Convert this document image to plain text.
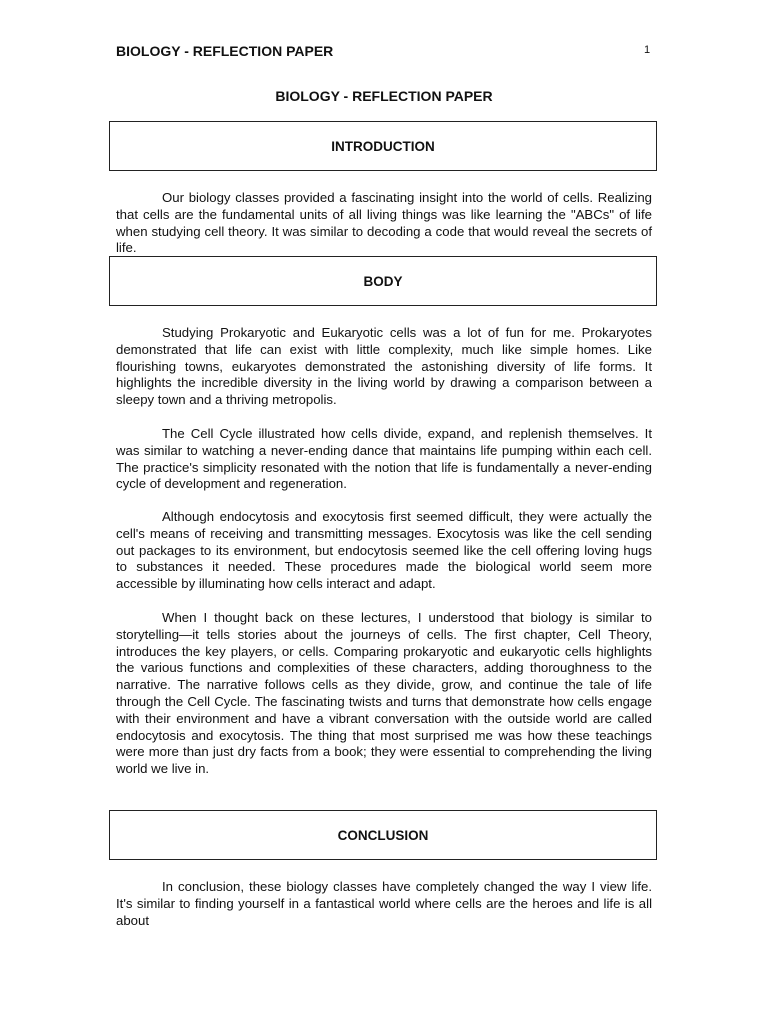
BIOLOGY - REFLECTION PAPER	1
BIOLOGY - REFLECTION PAPER
INTRODUCTION

Our biology classes provided a fascinating insight into the world of cells. Realizing that cells are the fundamental units of all living things was like learning the "ABCs" of life when studying cell theory. It was similar to decoding a code that would reveal the secrets of life.

BODY

Studying Prokaryotic and Eukaryotic cells was a lot of fun for me. Prokaryotes demonstrated that life can exist with little complexity, much like simple homes. Like flourishing towns, eukaryotes demonstrated the astonishing diversity of life forms. It highlights the incredible diversity in the living world by drawing a comparison between a sleepy town and a thriving metropolis.

The Cell Cycle illustrated how cells divide, expand, and replenish themselves. It was similar to watching a never-ending dance that maintains life pumping within each cell. The practice's simplicity resonated with the notion that life is fundamentally a never-ending cycle of development and regeneration.

Although endocytosis and exocytosis first seemed difficult, they were actually the cell's means of receiving and transmitting messages. Exocytosis was like the cell sending out packages to its environment, but endocytosis seemed like the cell offering loving hugs to substances it needed. These procedures made the biological world seem more accessible by illuminating how cells interact and adapt.

When I thought back on these lectures, I understood that biology is similar to storytelling—it tells stories about the journeys of cells. The first chapter, Cell Theory, introduces the key players, or cells. Comparing prokaryotic and eukaryotic cells highlights the various functions and complexities of these characters, adding thoroughness to the narrative. The narrative follows cells as they divide, grow, and continue the tale of life through the Cell Cycle. The fascinating twists and turns that demonstrate how cells engage with their environment and have a vibrant conversation with the outside world are called endocytosis and exocytosis. The thing that most surprised me was how these teachings were more than just dry facts from a book; they were essential to comprehending the living world we live in.

CONCLUSION

In conclusion, these biology classes have completely changed the way I view life. It's similar to finding yourself in a fantastical world where cells are the heroes and life is all about
